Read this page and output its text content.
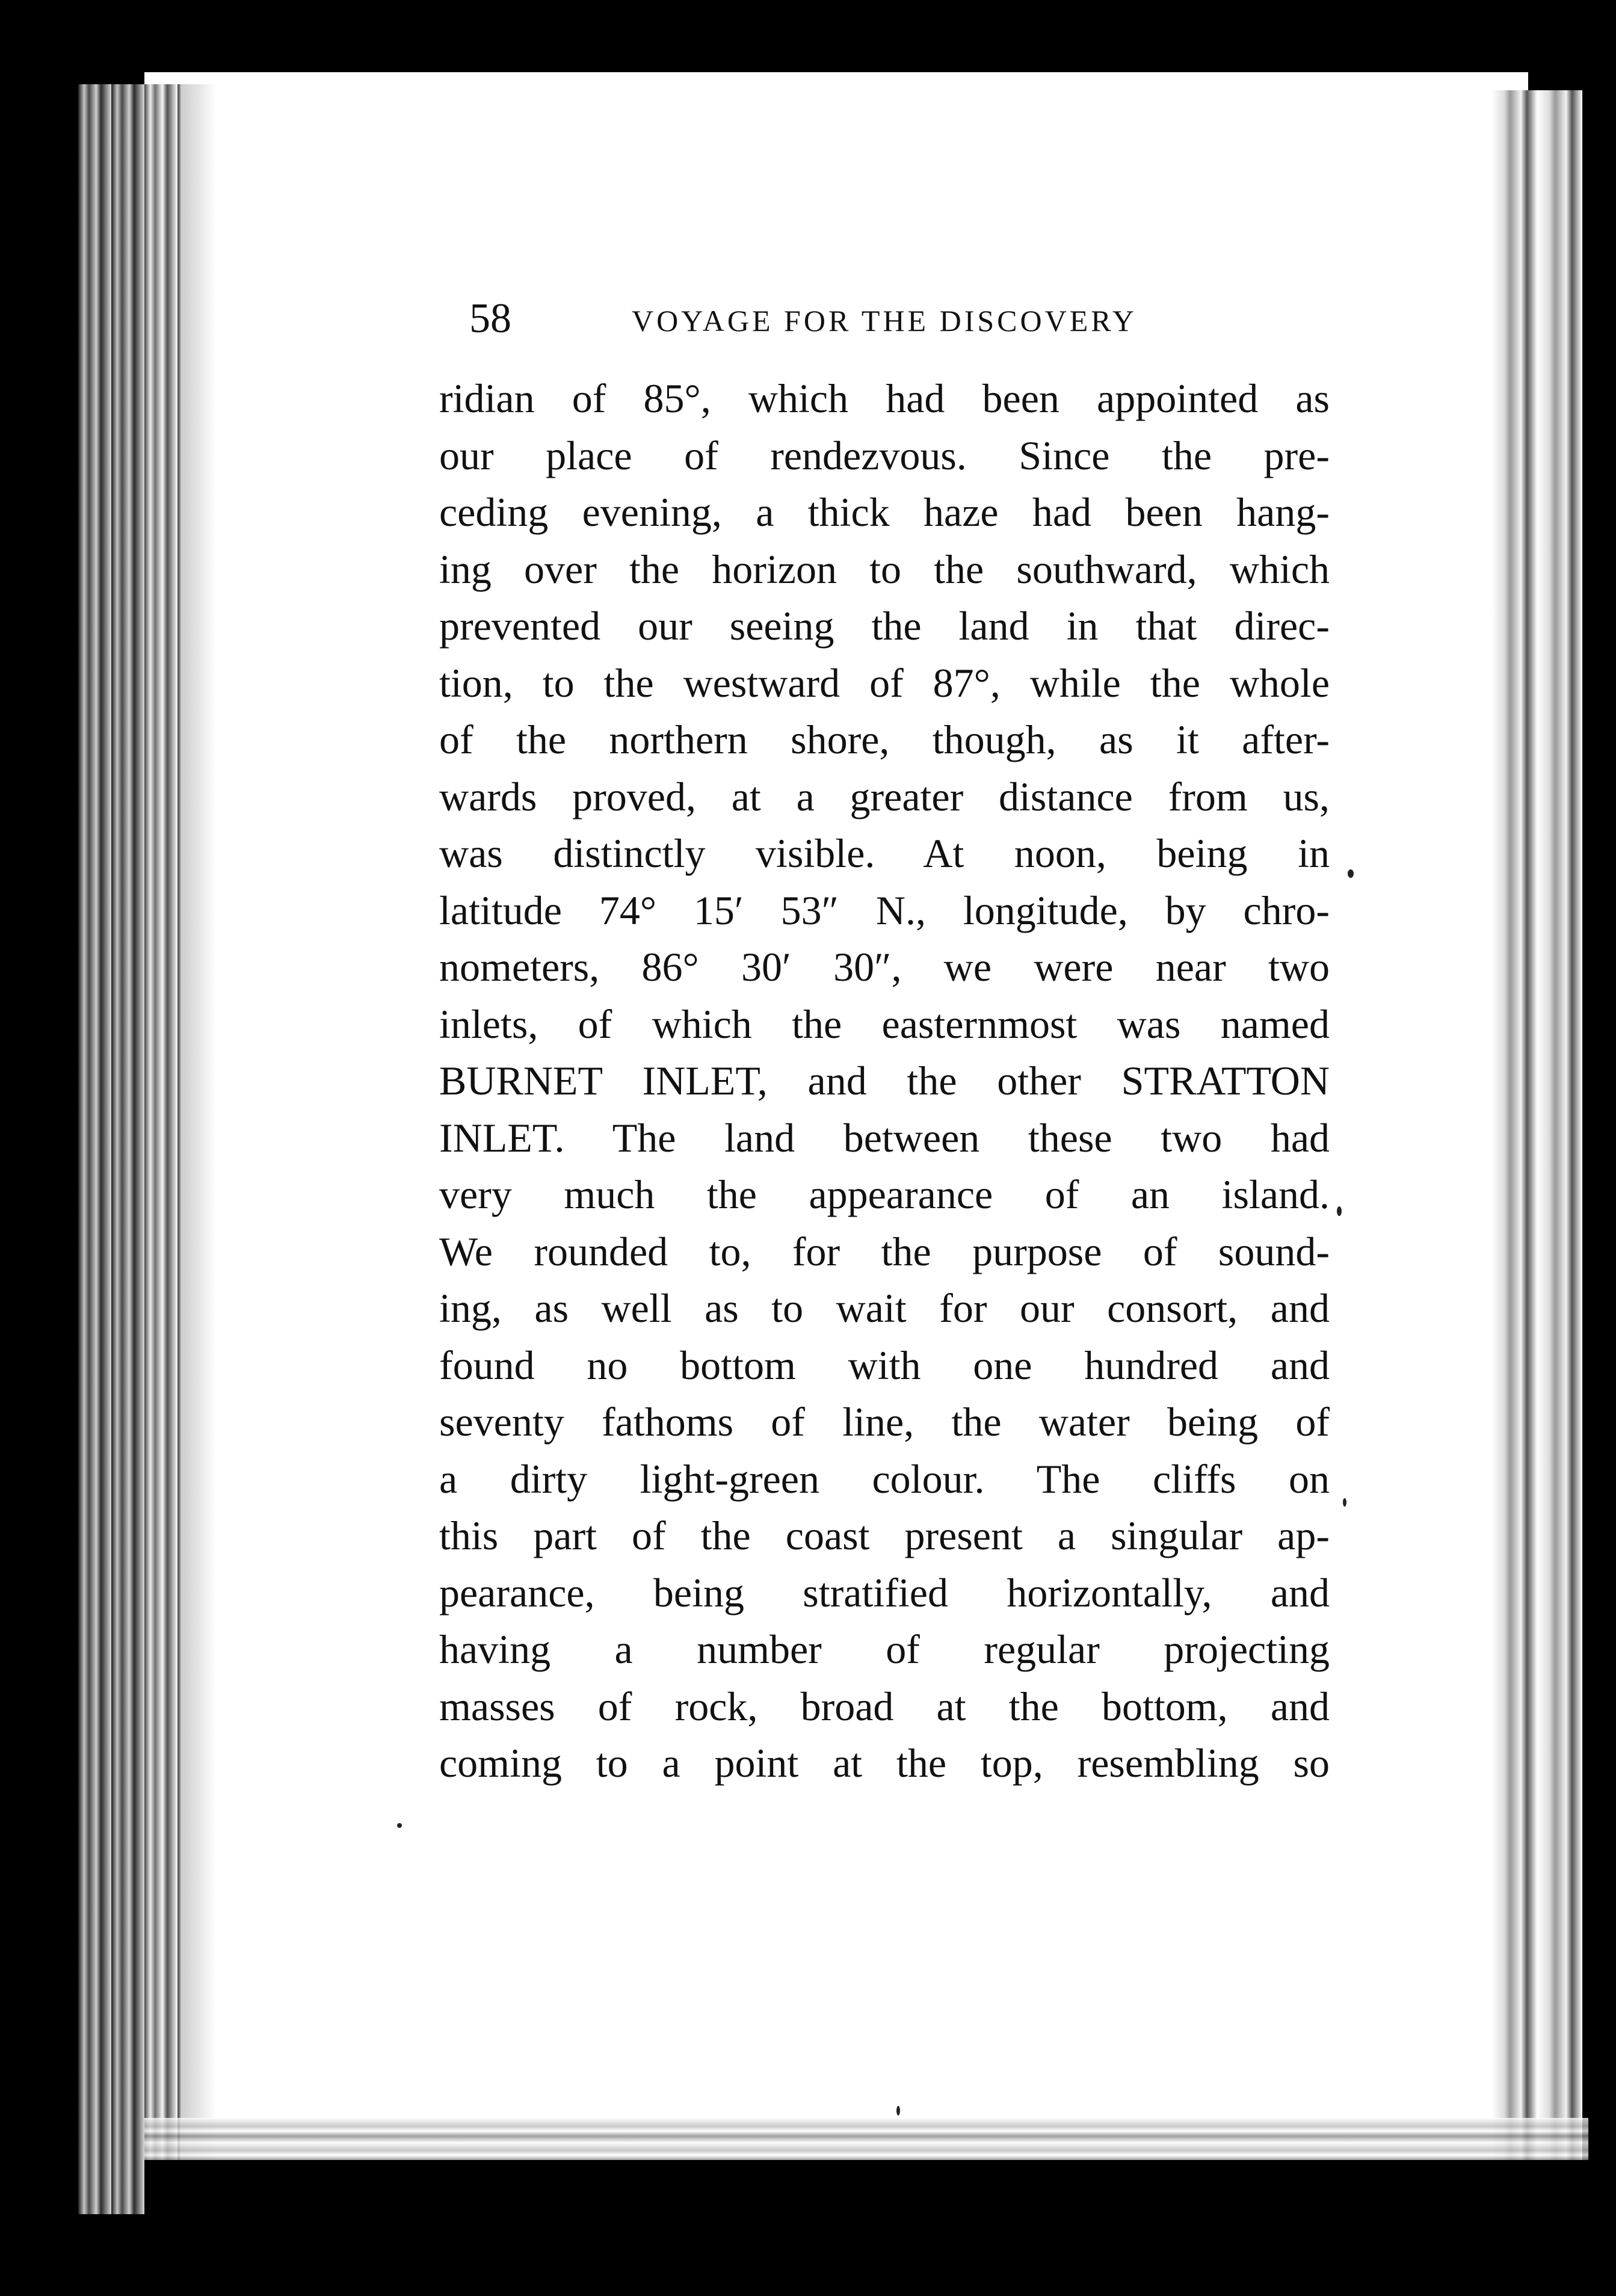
58	VOYAGE FOR THE DISCOVERY
ridian of 85°, which had been appointed as
our place of rendezvous. Since the pre-
ceding evening, a thick haze had been hang-
ing over the horizon to the southward, which
prevented our seeing the land in that direc-
tion, to the westward of 87°, while the whole
of the northern shore, though, as it after-
wards proved, at a greater distance from us,
was distinctly visible. At noon, being in
latitude 74° 15′ 53″ N., longitude, by chro-
nometers, 86° 30′ 30″, we were near two
inlets, of which the easternmost was named
BURNET INLET, and the other STRATTON
INLET. The land between these two had
very much the appearance of an island.
We rounded to, for the purpose of sound-
ing, as well as to wait for our consort, and
found no bottom with one hundred and
seventy fathoms of line, the water being of
a dirty light-green colour. The cliffs on
this part of the coast present a singular ap-
pearance, being stratified horizontally, and
having a number of regular projecting
masses of rock, broad at the bottom, and
coming to a point at the top, resembling so
